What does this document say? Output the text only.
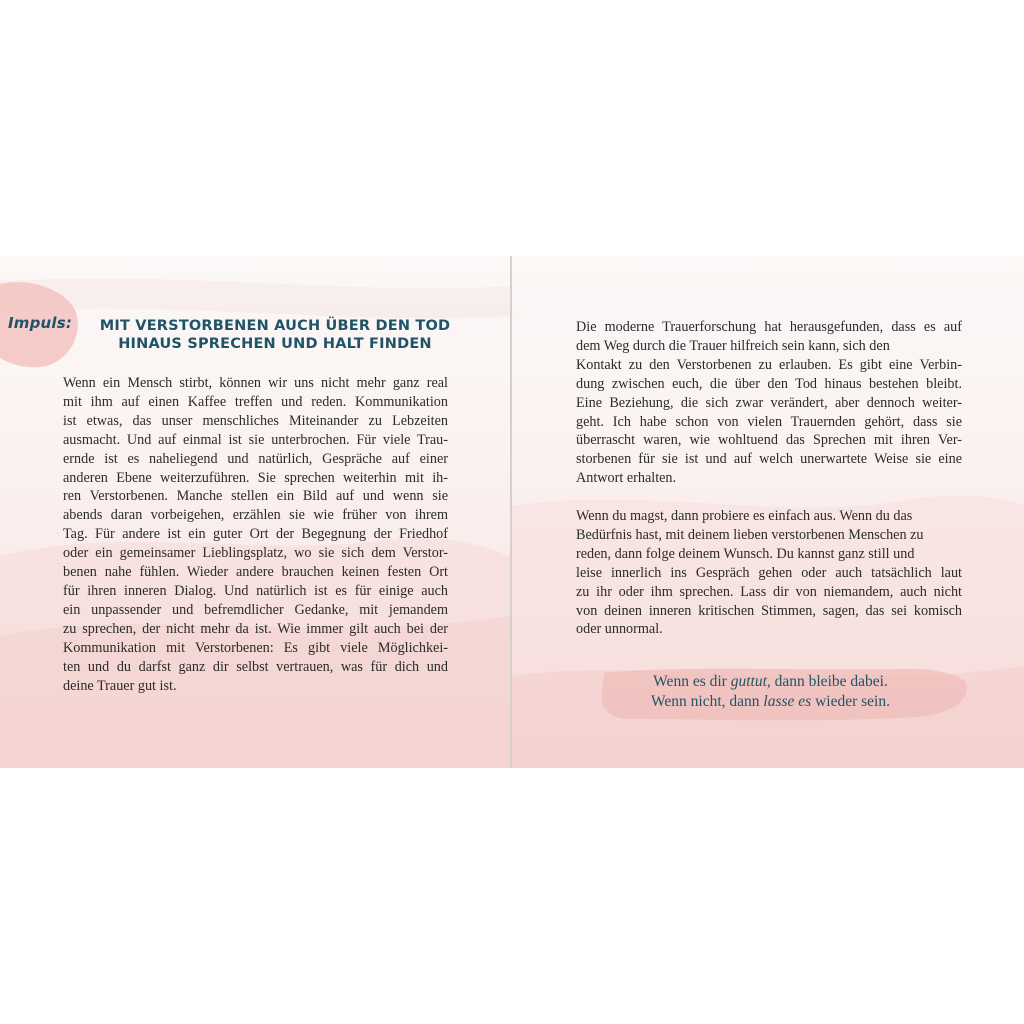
Impuls:	MIT VERSTORBENEN AUCH ÜBER DEN TOD
HINAUS SPRECHEN UND HALT FINDEN
Wenn ein Mensch stirbt, können wir uns nicht mehr ganz real
mit ihm auf einen Kaffee treffen und reden. Kommunikation
ist etwas, das unser menschliches Miteinander zu Lebzeiten
ausmacht. Und auf einmal ist sie unterbrochen. Für viele Trau-
ernde ist es naheliegend und natürlich, Gespräche auf einer
anderen Ebene weiterzuführen. Sie sprechen weiterhin mit ih-
ren Verstorbenen. Manche stellen ein Bild auf und wenn sie
abends daran vorbeigehen, erzählen sie wie früher von ihrem
Tag. Für andere ist ein guter Ort der Begegnung der Friedhof
oder ein gemeinsamer Lieblingsplatz, wo sie sich dem Verstor-
benen nahe fühlen. Wieder andere brauchen keinen festen Ort
für ihren inneren Dialog. Und natürlich ist es für einige auch
ein unpassender und befremdlicher Gedanke, mit jemandem
zu sprechen, der nicht mehr da ist. Wie immer gilt auch bei der
Kommunikation mit Verstorbenen: Es gibt viele Möglichkei-
ten und du darfst ganz dir selbst vertrauen, was für dich und
deine Trauer gut ist.
Die moderne Trauerforschung hat herausgefunden, dass es auf
dem Weg durch die Trauer hilfreich sein kann, sich den
Kontakt zu den Verstorbenen zu erlauben. Es gibt eine Verbin-
dung zwischen euch, die über den Tod hinaus bestehen bleibt.
Eine Beziehung, die sich zwar verändert, aber dennoch weiter-
geht. Ich habe schon von vielen Trauernden gehört, dass sie
überrascht waren, wie wohltuend das Sprechen mit ihren Ver-
storbenen für sie ist und auf welch unerwartete Weise sie eine
Antwort erhalten.
Wenn du magst, dann probiere es einfach aus. Wenn du das
Bedürfnis hast, mit deinem lieben verstorbenen Menschen zu
reden, dann folge deinem Wunsch. Du kannst ganz still und
leise innerlich ins Gespräch gehen oder auch tatsächlich laut
zu ihr oder ihm sprechen. Lass dir von niemandem, auch nicht
von deinen inneren kritischen Stimmen, sagen, das sei komisch
oder unnormal.
Wenn es dir guttut, dann bleibe dabei.
Wenn nicht, dann lasse es wieder sein.
